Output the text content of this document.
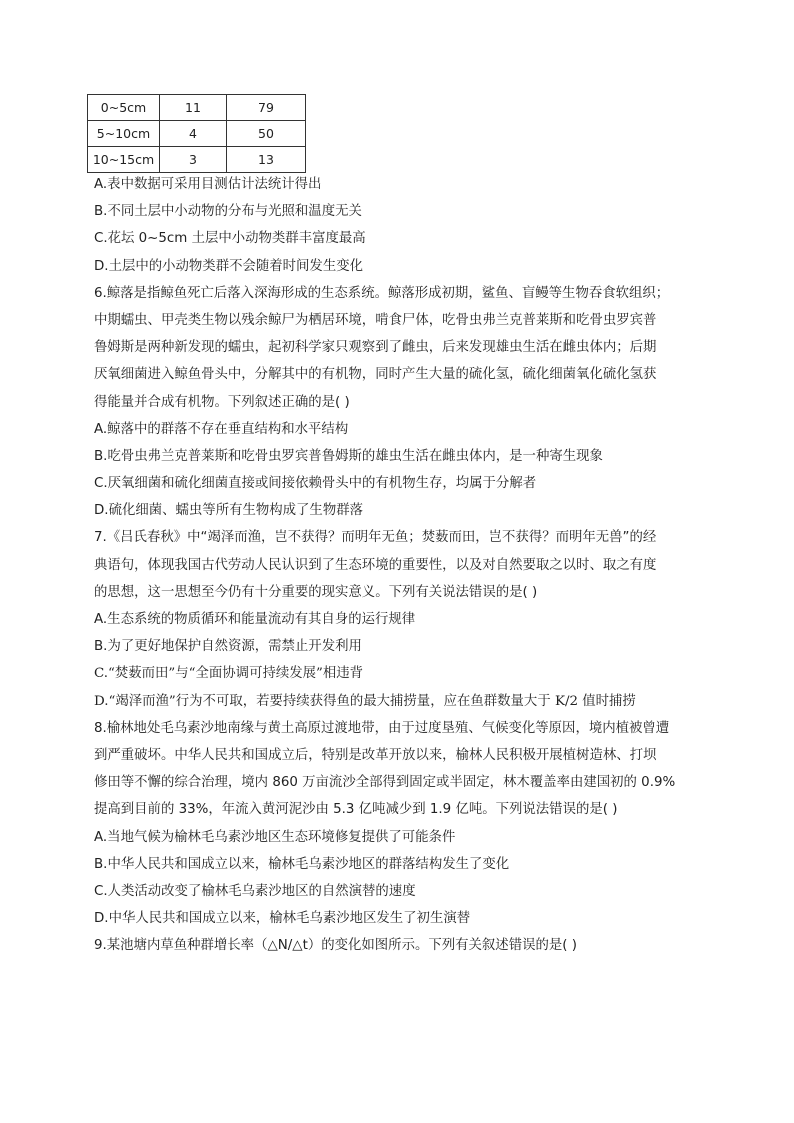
0~5cm	11	79
5~10cm	4	50
10~15cm	3	13
A.表中数据可采用目测估计法统计得出
B.不同土层中小动物的分布与光照和温度无关
C.花坛 0~5cm 土层中小动物类群丰富度最高
D.土层中的小动物类群不会随着时间发生变化
6.鲸落是指鲸鱼死亡后落入深海形成的生态系统。鲸落形成初期，鲨鱼、盲鳗等生物吞食软组织；
中期蠕虫、甲壳类生物以残余鲸尸为栖居环境，啃食尸体，吃骨虫弗兰克普莱斯和吃骨虫罗宾普
鲁姆斯是两种新发现的蠕虫，起初科学家只观察到了雌虫，后来发现雄虫生活在雌虫体内；后期
厌氧细菌进入鲸鱼骨头中，分解其中的有机物，同时产生大量的硫化氢，硫化细菌氧化硫化氢获
得能量并合成有机物。下列叙述正确的是( )
A.鲸落中的群落不存在垂直结构和水平结构
B.吃骨虫弗兰克普莱斯和吃骨虫罗宾普鲁姆斯的雄虫生活在雌虫体内，是一种寄生现象
C.厌氧细菌和硫化细菌直接或间接依赖骨头中的有机物生存，均属于分解者
D.硫化细菌、蠕虫等所有生物构成了生物群落
7.《吕氏春秋》中“竭泽而渔，岂不获得？而明年无鱼；焚薮而田，岂不获得？而明年无兽”的经
典语句，体现我国古代劳动人民认识到了生态环境的重要性，以及对自然要取之以时、取之有度
的思想，这一思想至今仍有十分重要的现实意义。下列有关说法错误的是( )
A.生态系统的物质循环和能量流动有其自身的运行规律
B.为了更好地保护自然资源，需禁止开发利用
C.“焚薮而田”与“全面协调可持续发展”相违背
D.“竭泽而渔”行为不可取，若要持续获得鱼的最大捕捞量，应在鱼群数量大于 K/2 值时捕捞
8.榆林地处毛乌素沙地南缘与黄土高原过渡地带，由于过度垦殖、气候变化等原因，境内植被曾遭
到严重破坏。中华人民共和国成立后，特别是改革开放以来，榆林人民积极开展植树造林、打坝
修田等不懈的综合治理，境内 860 万亩流沙全部得到固定或半固定，林木覆盖率由建国初的 0.9%
提高到目前的 33%，年流入黄河泥沙由 5.3 亿吨减少到 1.9 亿吨。下列说法错误的是( )
A.当地气候为榆林毛乌素沙地区生态环境修复提供了可能条件
B.中华人民共和国成立以来，榆林毛乌素沙地区的群落结构发生了变化
C.人类活动改变了榆林毛乌素沙地区的自然演替的速度
D.中华人民共和国成立以来，榆林毛乌素沙地区发生了初生演替
9.某池塘内草鱼种群增长率（△N/△t）的变化如图所示。下列有关叙述错误的是( )
